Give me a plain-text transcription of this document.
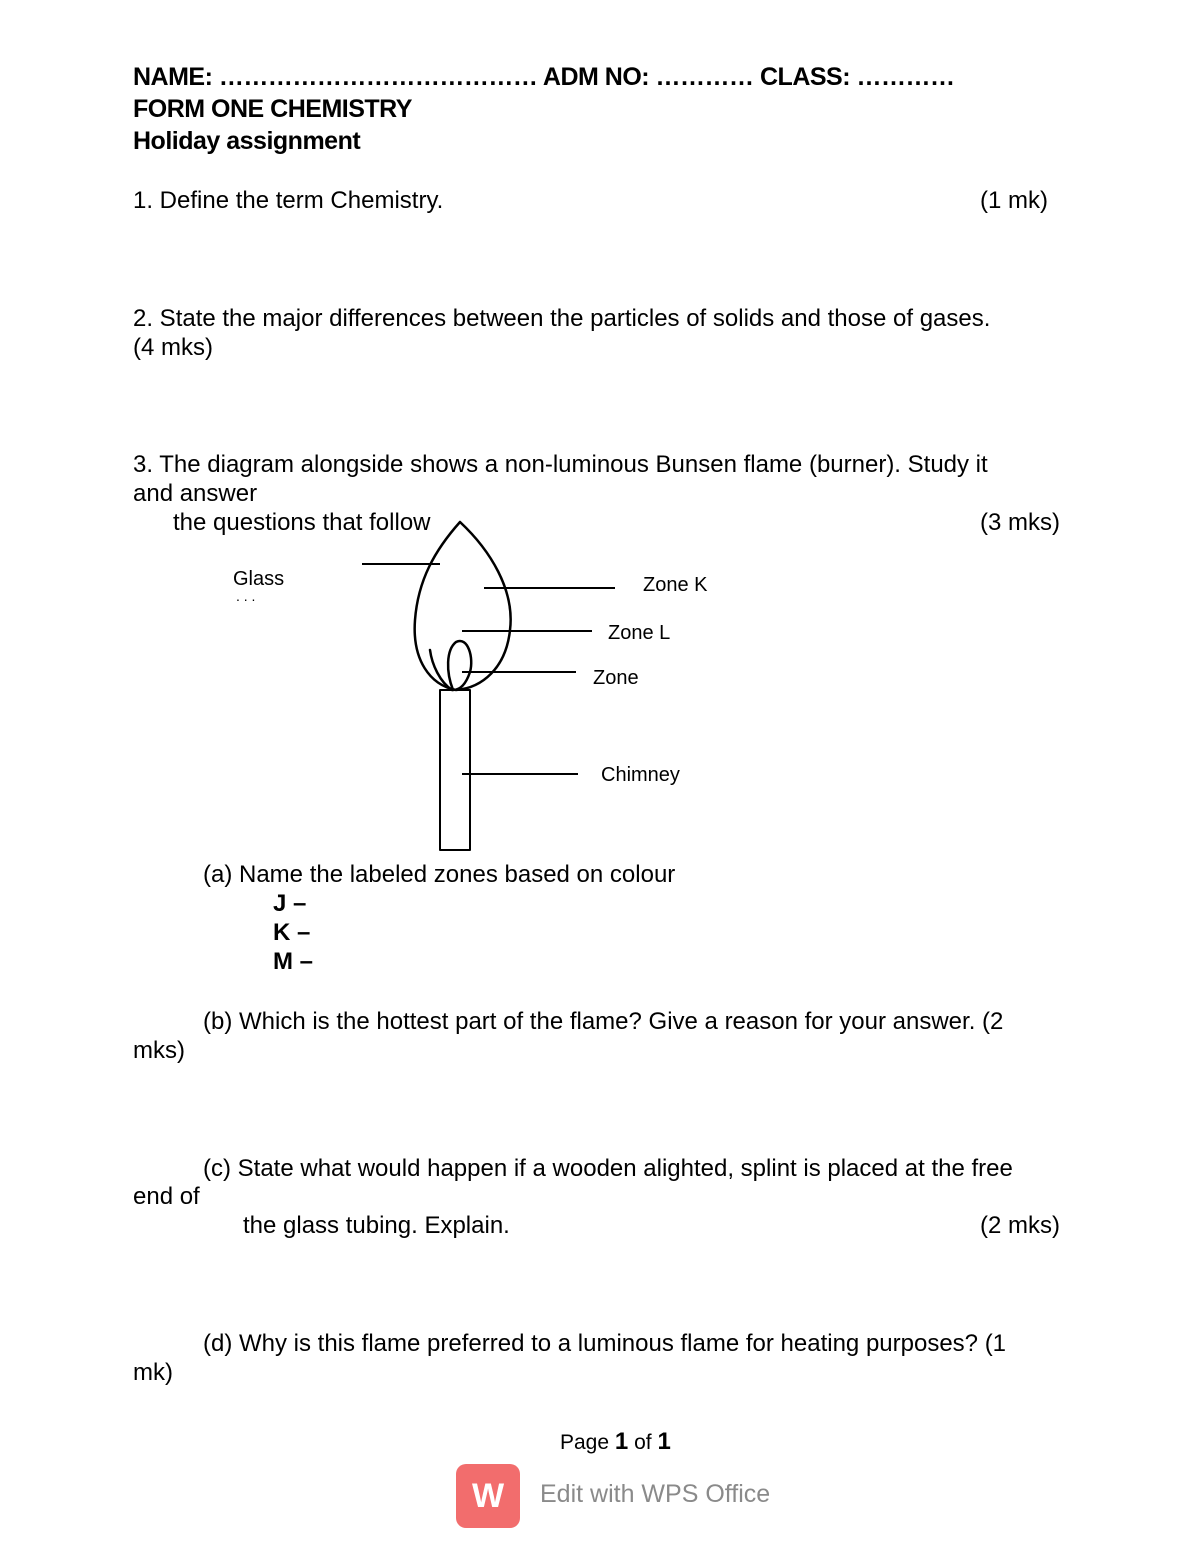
NAME: ………………………………… ADM NO: ………… CLASS: …………
FORM ONE CHEMISTRY
Holiday assignment
1. Define the term Chemistry.	(1 mk)
2. State the major differences between the particles of solids and those of gases.
(4 mks)
3. The diagram alongside shows a non-luminous Bunsen flame (burner). Study it
and answer
the questions that follow	(3 mks)
Glass
. . .	Zone K
Zone L
Zone
Chimney
(a) Name the labeled zones based on colour
J –
K –
M –
(b) Which is the hottest part of the flame? Give a reason for your answer. (2
mks)
(c) State what would happen if a wooden alighted, splint is placed at the free
end of
the glass tubing. Explain.	(2 mks)
(d) Why is this flame preferred to a luminous flame for heating purposes? (1
mk)
Page 1 of 1
W	Edit with WPS Office
